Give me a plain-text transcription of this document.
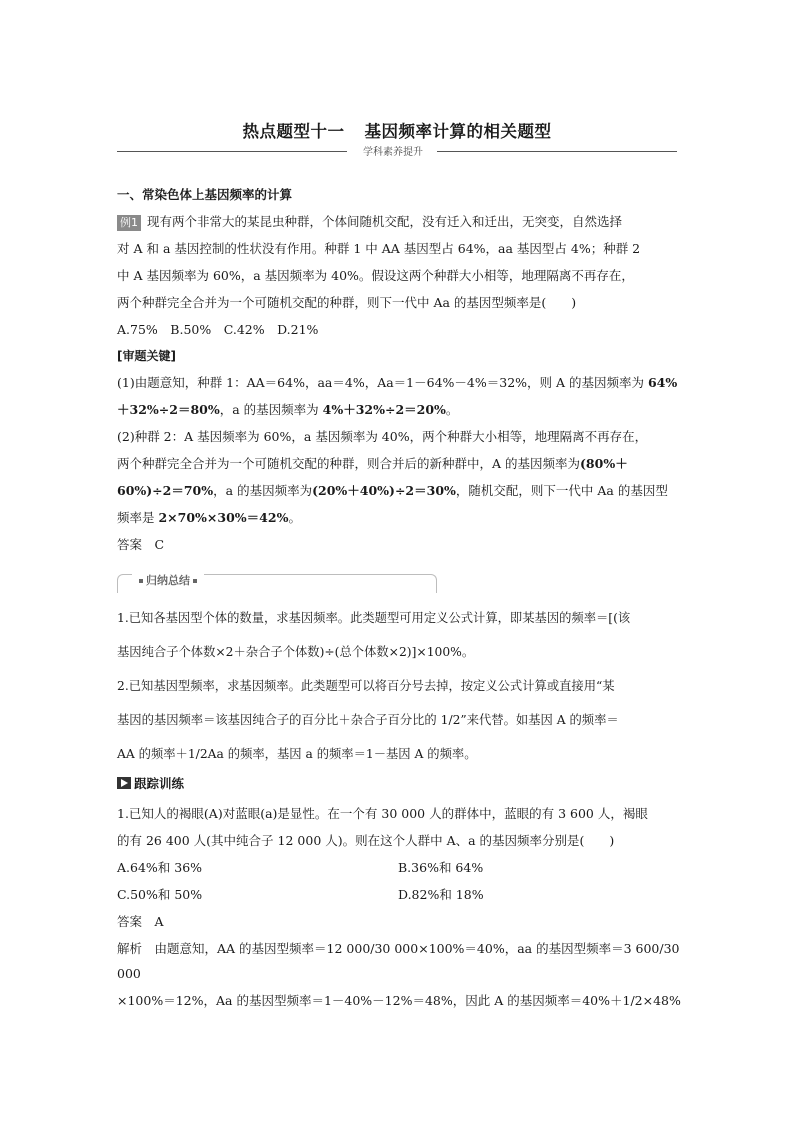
热点题型十一 基因频率计算的相关题型
学科素养提升
一、常染色体上基因频率的计算
例1 现有两个非常大的某昆虫种群，个体间随机交配，没有迁入和迁出，无突变，自然选择
对 A 和 a 基因控制的性状没有作用。种群 1 中 AA 基因型占 64%，aa 基因型占 4%；种群 2
中 A 基因频率为 60%，a 基因频率为 40%。假设这两个种群大小相等，地理隔离不再存在，
两个种群完全合并为一个可随机交配的种群，则下一代中 Aa 的基因型频率是(　　)
A.75%　B.50%　C.42%　D.21%
[审题关键]
(1)由题意知，种群 1：AA＝64%，aa＝4%，Aa＝1－64%－4%＝32%，则 A 的基因频率为 64%
＋32%÷2＝80%，a 的基因频率为 4%＋32%÷2＝20%。
(2)种群 2：A 基因频率为 60%，a 基因频率为 40%，两个种群大小相等，地理隔离不再存在，
两个种群完全合并为一个可随机交配的种群，则合并后的新种群中，A 的基因频率为(80%＋
60%)÷2＝70%，a 的基因频率为(20%＋40%)÷2＝30%，随机交配，则下一代中 Aa 的基因型
频率是 2×70%×30%＝42%。
答案　C
归纳总结
1.已知各基因型个体的数量，求基因频率。此类题型可用定义公式计算，即某基因的频率＝[(该
基因纯合子个体数×2＋杂合子个体数)÷(总个体数×2)]×100%。
2.已知基因型频率，求基因频率。此类题型可以将百分号去掉，按定义公式计算或直接用“某
基因的基因频率＝该基因纯合子的百分比＋杂合子百分比的 1/2”来代替。如基因 A 的频率＝
AA 的频率＋1/2Aa 的频率，基因 a 的频率＝1－基因 A 的频率。
跟踪训练
1.已知人的褐眼(A)对蓝眼(a)是显性。在一个有 30 000 人的群体中，蓝眼的有 3 600 人，褐眼
的有 26 400 人(其中纯合子 12 000 人)。则在这个人群中 A、a 的基因频率分别是(　　)
A.64%和 36%	B.36%和 64%
C.50%和 50%	D.82%和 18%
答案　A
解析　由题意知，AA 的基因型频率＝12 000/30 000×100%＝40%，aa 的基因型频率＝3 600/30
000
×100%＝12%，Aa 的基因型频率＝1－40%－12%＝48%，因此 A 的基因频率＝40%＋1/2×48%
